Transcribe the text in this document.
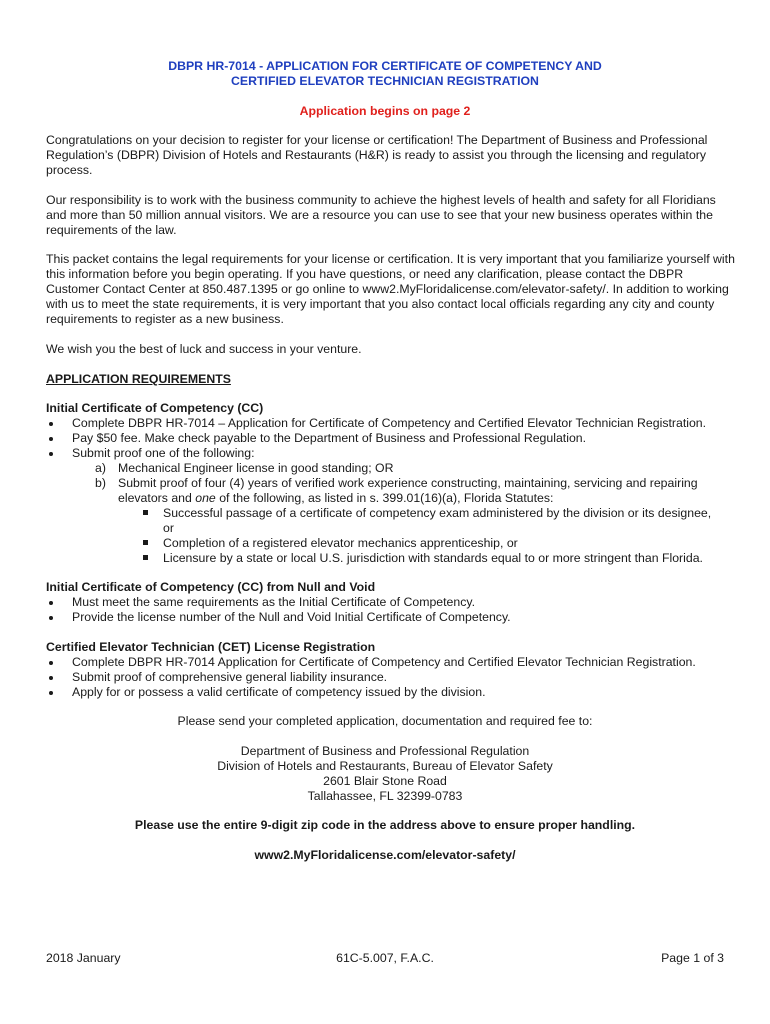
DBPR HR-7014 - APPLICATION FOR CERTIFICATE OF COMPETENCY AND
CERTIFIED ELEVATOR TECHNICIAN REGISTRATION
Application begins on page 2
Congratulations on your decision to register for your license or certification! The Department of Business and Professional Regulation’s (DBPR) Division of Hotels and Restaurants (H&R) is ready to assist you through the licensing and regulatory process.
Our responsibility is to work with the business community to achieve the highest levels of health and safety for all Floridians and more than 50 million annual visitors. We are a resource you can use to see that your new business operates within the requirements of the law.
This packet contains the legal requirements for your license or certification. It is very important that you familiarize yourself with this information before you begin operating. If you have questions, or need any clarification, please contact the DBPR Customer Contact Center at 850.487.1395 or go online to www2.MyFloridalicense.com/elevator-safety/. In addition to working with us to meet the state requirements, it is very important that you also contact local officials regarding any city and county requirements to register as a new business.
We wish you the best of luck and success in your venture.
APPLICATION REQUIREMENTS
Initial Certificate of Competency (CC)
Complete DBPR HR-7014 – Application for Certificate of Competency and Certified Elevator Technician Registration.
Pay $50 fee. Make check payable to the Department of Business and Professional Regulation.
Submit proof one of the following:
a) Mechanical Engineer license in good standing; OR
b) Submit proof of four (4) years of verified work experience constructing, maintaining, servicing and repairing
elevators and one of the following, as listed in s. 399.01(16)(a), Florida Statutes:
Successful passage of a certificate of competency exam administered by the division or its designee,
or
Completion of a registered elevator mechanics apprenticeship, or
Licensure by a state or local U.S. jurisdiction with standards equal to or more stringent than Florida.
Initial Certificate of Competency (CC) from Null and Void
Must meet the same requirements as the Initial Certificate of Competency.
Provide the license number of the Null and Void Initial Certificate of Competency.
Certified Elevator Technician (CET) License Registration
Complete DBPR HR-7014 Application for Certificate of Competency and Certified Elevator Technician Registration.
Submit proof of comprehensive general liability insurance.
Apply for or possess a valid certificate of competency issued by the division.
Please send your completed application, documentation and required fee to:
Department of Business and Professional Regulation
Division of Hotels and Restaurants, Bureau of Elevator Safety
2601 Blair Stone Road
Tallahassee, FL 32399-0783
Please use the entire 9-digit zip code in the address above to ensure proper handling.
www2.MyFloridalicense.com/elevator-safety/
2018 January	61C-5.007, F.A.C.	Page 1 of 3
